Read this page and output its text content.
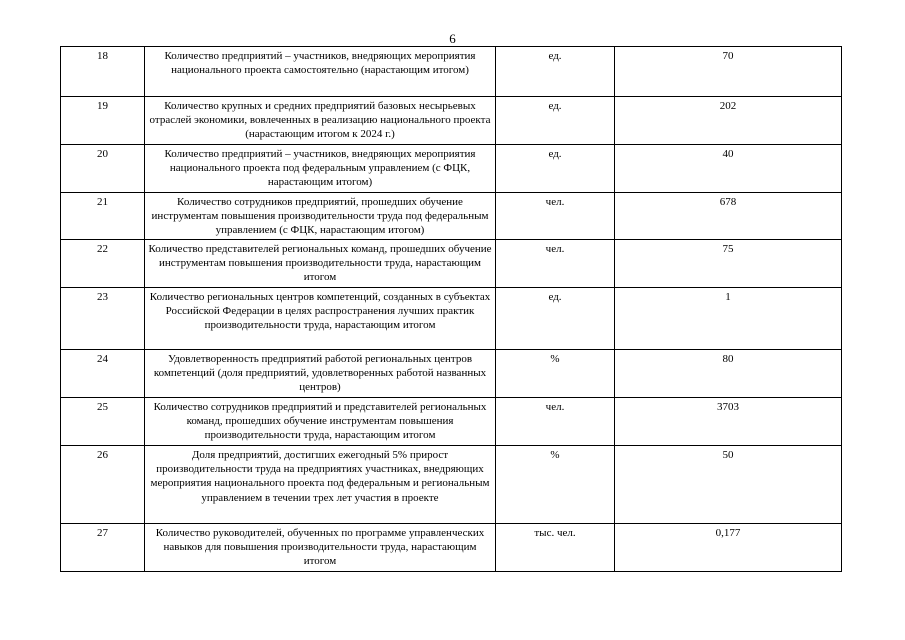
6
18	Количество предприятий – участников, внедряющих мероприятия национального проекта самостоятельно (нарастающим итогом)	ед.	70
19	Количество крупных и средних предприятий базовых несырьевых отраслей экономики, вовлеченных в реализацию национального проекта (нарастающим итогом к 2024 г.)	ед.	202
20	Количество предприятий – участников, внедряющих мероприятия национального проекта под федеральным управлением (с ФЦК, нарастающим итогом)	ед.	40
21	Количество сотрудников предприятий, прошедших обучение инструментам повышения производительности труда под федеральным управлением (с ФЦК, нарастающим итогом)	чел.	678
22	Количество представителей региональных команд, прошедших обучение инструментам повышения производительности труда, нарастающим итогом	чел.	75
23	Количество региональных центров компетенций, созданных в субъектах Российской Федерации в целях распространения лучших практик производительности труда, нарастающим итогом	ед.	1
24	Удовлетворенность предприятий работой региональных центров компетенций (доля предприятий, удовлетворенных работой названных центров)	%	80
25	Количество сотрудников предприятий и представителей региональных команд, прошедших обучение инструментам повышения производительности труда, нарастающим итогом	чел.	3703
26	Доля предприятий, достигших ежегодный 5% прирост производительности труда на предприятиях участниках, внедряющих мероприятия национального проекта под федеральным и региональным управлением в течении трех лет участия в проекте	%	50
27	Количество руководителей, обученных по программе управленческих навыков для повышения производительности труда, нарастающим итогом	тыс. чел.	0,177
